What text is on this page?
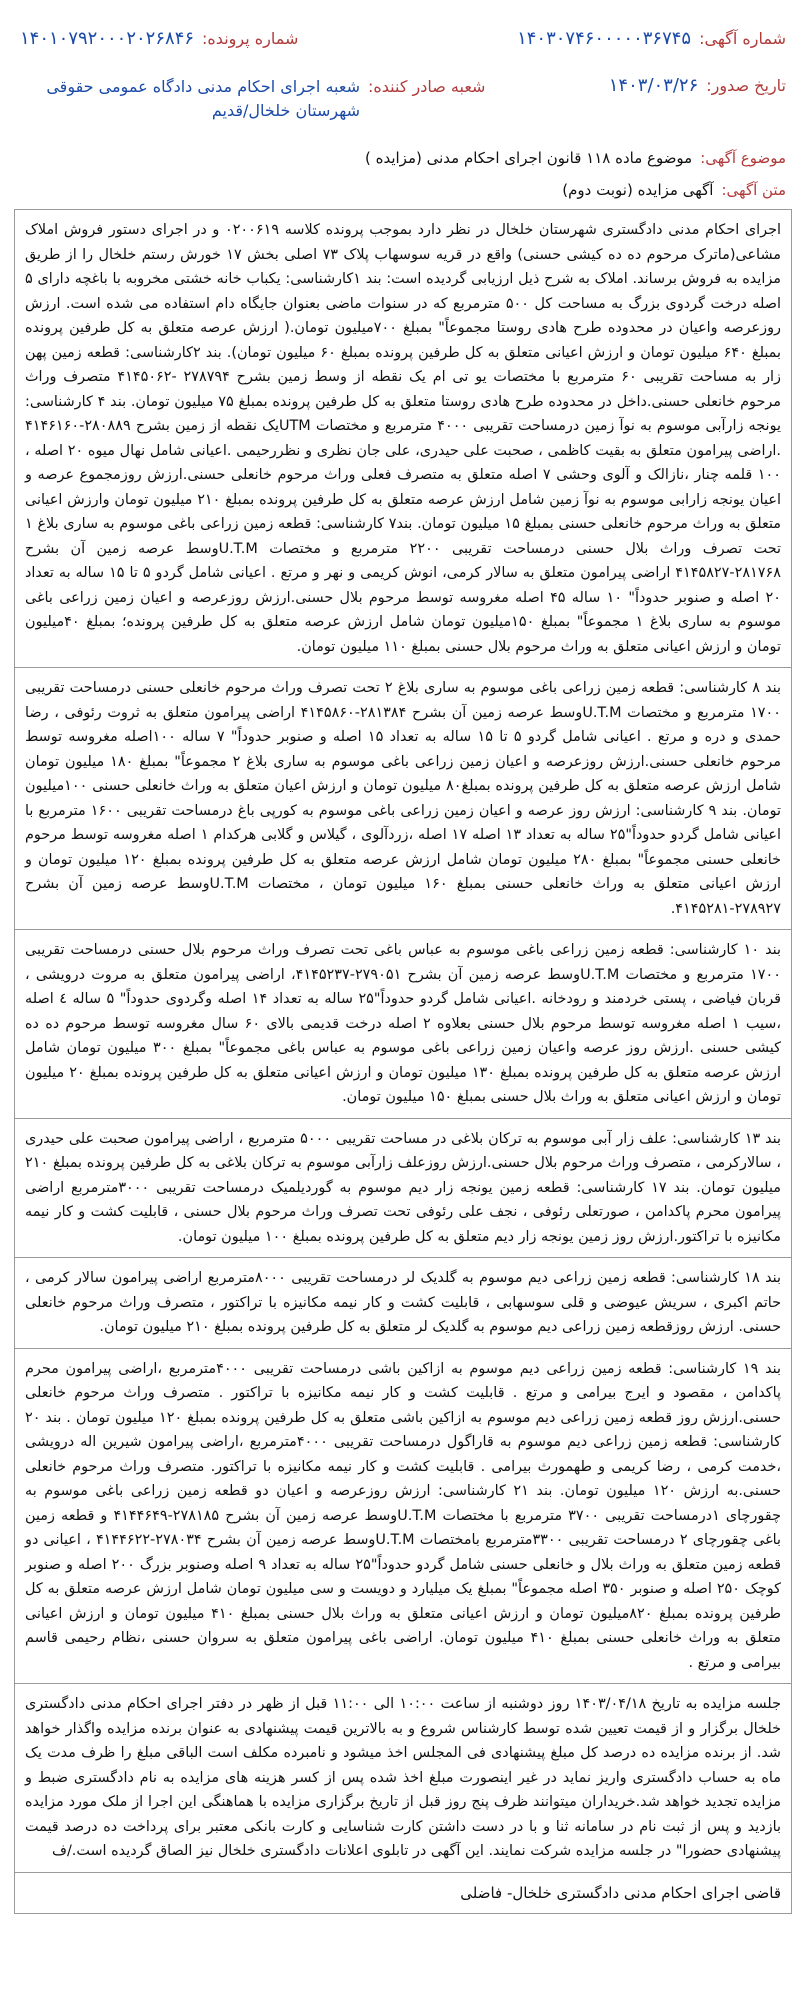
شماره آگهی:
۱۴۰۳۰۷۴۶۰۰۰۰۰۳۶۷۴۵
شماره پرونده:
۱۴۰۱۰۷۹۲۰۰۰۲۰۲۶۸۴۶
تاریخ صدور:
۱۴۰۳/۰۳/۲۶
شعبه صادر کننده:
شعبه اجرای احکام مدنی دادگاه عمومی حقوقی شهرستان خلخال/قدیم
موضوع آگهی:
موضوع ماده ۱۱۸ قانون اجرای احکام مدنی (مزایده )
متن آگهی:
آگهی مزایده (نوبت دوم)

اجرای احکام مدنی دادگستری شهرستان خلخال در نظر دارد بموجب پرونده کلاسه ۰۲۰۰۶۱۹ و در اجرای دستور فروش املاک مشاعی(ماترک مرحوم ده ده کیشی حسنی) واقع در قریه سوسهاب پلاک ۷۳ اصلی بخش ۱۷ خورش رستم خلخال را از طریق مزایده به فروش برساند. املاک به شرح ذیل ارزیابی گردیده است: بند ۱کارشناسی: یکباب خانه خشتی مخروبه با باغچه دارای ۵ اصله درخت گردوی بزرگ به مساحت کل ۵۰۰ مترمربع که در سنوات ماضی بعنوان جایگاه دام استفاده می شده است. ارزش روزعرصه واعیان در محدوده طرح هادی روستا مجموعاً" بمبلغ ۷۰۰میلیون تومان.( ارزش عرصه متعلق به کل طرفین پرونده بمبلغ ۶۴۰ میلیون تومان و ارزش اعیانی متعلق به کل طرفین پرونده بمبلغ ۶۰ میلیون تومان). بند ۲کارشناسی: قطعه زمین پهن زار به مساحت تقریبی ۶۰ مترمربع با مختصات یو تی ام یک نقطه از وسط زمین بشرح ۲۷۸۷۹۴ -۴۱۴۵۰۶۲ متصرف وراث مرحوم خانعلی حسنی.داخل در محدوده طرح هادی روستا متعلق به کل طرفین پرونده بمبلغ ۷۵ میلیون تومان. بند ۴ کارشناسی: یونجه زارآبی موسوم به نوآ زمین درمساحت تقریبی ۴۰۰۰ مترمربع و مختصات UTMیک نقطه از زمین بشرح ۲۸۰۸۸۹-۴۱۴۶۱۶۰ .اراضی پیرامون متعلق به بقیت کاظمی ، صحبت علی حیدری، علی جان نظری و نظررحیمی .اعیانی شامل نهال میوه ۲۰ اصله ، ۱۰۰ قلمه چنار ،نازالک و آلوی وحشی ۷ اصله متعلق به متصرف فعلی وراث مرحوم خانعلی حسنی.ارزش روزمجموع عرصه و اعیان یونجه زارابی موسوم به نوآ زمین شامل ارزش عرصه متعلق به کل طرفین پرونده بمبلغ ۲۱۰ میلیون تومان وارزش اعیانی متعلق به وراث مرحوم خانعلی حسنی بمبلغ ۱۵ میلیون تومان. بند۷ کارشناسی: قطعه زمین زراعی باغی موسوم به ساری بلاغ ۱ تحت تصرف وراث بلال حسنی درمساحت تقریبی ۲۲۰۰ مترمربع و مختصات U.T.Mوسط عرصه زمین آن بشرح ۲۸۱۷۶۸-۴۱۴۵۸۲۷ اراضی پیرامون متعلق به سالار کرمی، انوش کریمی و نهر و مرتع . اعیانی شامل گردو ۵ تا ۱۵ ساله به تعداد ۲۰ اصله و صنوبر حدوداً" ۱۰ ساله ۴۵ اصله مغروسه توسط مرحوم بلال حسنی.ارزش روزعرصه و اعیان زمین زراعی باغی موسوم به ساری بلاغ ۱ مجموعاً" بمبلغ ۱۵۰میلیون تومان شامل ارزش عرصه متعلق به کل طرفین پرونده؛ بمبلغ ۴۰میلیون تومان و ارزش اعیانی متعلق به وراث مرحوم بلال حسنی بمبلغ ۱۱۰ میلیون تومان.

بند ۸ کارشناسی: قطعه زمین زراعی باغی موسوم به ساری بلاغ ۲ تحت تصرف وراث مرحوم خانعلی حسنی درمساحت تقریبی ۱۷۰۰ مترمربع و مختصات U.T.Mوسط عرصه زمین آن بشرح ۲۸۱۳۸۴-۴۱۴۵۸۶۰ اراضی پیرامون متعلق به ثروت رئوفی ، رضا حمدی و دره و مرتع . اعیانی شامل گردو ۵ تا ۱۵ ساله به تعداد ۱۵ اصله و صنوبر حدوداً" ۷ ساله ۱۰۰اصله مغروسه توسط مرحوم خانعلی حسنی.ارزش روزعرصه و اعیان زمین زراعی باغی موسوم به ساری بلاغ ۲ مجموعاً" بمبلغ ۱۸۰ میلیون تومان شامل ارزش عرصه متعلق به کل طرفین پرونده بمبلغ۸۰ میلیون تومان و ارزش اعیان متعلق به وراث خانعلی حسنی ۱۰۰میلیون تومان. بند ۹ کارشناسی: ارزش روز عرصه و اعیان زمین زراعی باغی موسوم به کورپی باغ درمساحت تقریبی ۱۶۰۰ مترمربع با اعیانی شامل گردو حدوداً"۲۵ ساله به تعداد ۱۳ اصله ۱۷ اصله ،زردآلوی ، گیلاس و گلابی هرکدام ۱ اصله مغروسه توسط مرحوم خانعلی حسنی مجموعاً" بمبلغ ۲۸۰ میلیون تومان شامل ارزش عرصه متعلق به کل طرفین پرونده بمبلغ ۱۲۰ میلیون تومان و ارزش اعیانی متعلق به وراث خانعلی حسنی بمبلغ ۱۶۰ میلیون تومان ، مختصات U.T.Mوسط عرصه زمین آن بشرح ۲۷۸۹۲۷-۴۱۴۵۲۸۱.

بند ۱۰ کارشناسی: قطعه زمین زراعی باغی موسوم به عباس باغی تحت تصرف وراث مرحوم بلال حسنی درمساحت تقریبی ۱۷۰۰ مترمربع و مختصات U.T.Mوسط عرصه زمین آن بشرح ۲۷۹۰۵۱-۴۱۴۵۲۳۷، اراضی پیرامون متعلق به مروت درویشی ، قربان فیاضی ، پستی خردمند و رودخانه .اعیانی شامل گردو حدوداً"۲۵ ساله به تعداد ۱۴ اصله وگردوی حدوداً" ۵ ساله ٤ اصله ،سیب ۱ اصله مغروسه توسط مرحوم بلال حسنی بعلاوه ۲ اصله درخت قدیمی بالای ۶۰ سال مغروسه توسط مرحوم ده ده کیشی حسنی .ارزش روز عرصه واعیان زمین زراعی باغی موسوم به عباس باغی مجموعاً" بمبلغ ۳۰۰ میلیون تومان شامل ارزش عرصه متعلق به کل طرفین پرونده بمبلغ ۱۳۰ میلیون تومان و ارزش اعیانی متعلق به کل طرفین پرونده بمبلغ ۲۰ میلیون تومان و ارزش اعیانی متعلق به وراث بلال حسنی بمبلغ ۱۵۰ میلیون تومان.

بند ۱۳ کارشناسی: علف زار آبی موسوم به ترکان بلاغی در مساحت تقریبی ۵۰۰۰ مترمربع ، اراضی پیرامون صحبت علی حیدری ، سالارکرمی ، متصرف وراث مرحوم بلال حسنی.ارزش روزعلف زارآبی موسوم به ترکان بلاغی به کل طرفین پرونده بمبلغ ۲۱۰ میلیون تومان. بند ۱۷ کارشناسی: قطعه زمین یونجه زار دیم موسوم به گوردیلمیک درمساحت تقریبی ۳۰۰۰مترمربع اراضی پیرامون محرم پاکدامن ، صورتعلی رئوفی ، نجف علی رئوفی تحت تصرف وراث مرحوم بلال حسنی ، قابلیت کشت و کار نیمه مکانیزه با تراکتور.ارزش روز زمین یونجه زار دیم متعلق به کل طرفین پرونده بمبلغ ۱۰۰ میلیون تومان.

بند ۱۸ کارشناسی: قطعه زمین زراعی دیم موسوم به گلدیک لر درمساحت تقریبی ۸۰۰۰مترمربع اراضی پیرامون سالار کرمی ، حاتم اکبری ، سریش عیوضی و قلی سوسهابی ، قابلیت کشت و کار نیمه مکانیزه با تراکتور ، متصرف وراث مرحوم خانعلی حسنی. ارزش روزقطعه زمین زراعی دیم موسوم به گلدیک لر متعلق به کل طرفین پرونده بمبلغ ۲۱۰ میلیون تومان.

بند ۱۹ کارشناسی: قطعه زمین زراعی دیم موسوم به ازاکین باشی درمساحت تقریبی ۴۰۰۰مترمربع ،اراضی پیرامون محرم پاکدامن ، مقصود و ایرج بیرامی و مرتع . قابلیت کشت و کار نیمه مکانیزه با تراکتور . متصرف وراث مرحوم خانعلی حسنی.ارزش روز قطعه زمین زراعی دیم موسوم به ازاکین باشی متعلق به کل طرفین پرونده بمبلغ ۱۲۰ میلیون تومان . بند ۲۰ کارشناسی: قطعه زمین زراعی دیم موسوم به قاراگول درمساحت تقریبی ۴۰۰۰مترمربع ،اراضی پیرامون شیرین اله درویشی ،خدمت کرمی ، رضا کریمی و طهمورث بیرامی . قابلیت کشت و کار نیمه مکانیزه با تراکتور. متصرف وراث مرحوم خانعلی حسنی.به ارزش ۱۲۰ میلیون تومان. بند ۲۱ کارشناسی: ارزش روزعرصه و اعیان دو قطعه زمین زراعی باغی موسوم به چقورچای ۱درمساحت تقریبی ۳۷۰۰ مترمربع با مختصات U.T.Mوسط عرصه زمین آن بشرح ۲۷۸۱۸۵-۴۱۴۴۶۴۹ و قطعه زمین باغی چقورچای ۲ درمساحت تقریبی ۳۳۰۰مترمربع بامختصات U.T.Mوسط عرصه زمین آن بشرح ۲۷۸۰۳۴-۴۱۴۴۶۲۲ ، اعیانی دو قطعه زمین متعلق به وراث بلال و خانعلی حسنی شامل گردو حدوداً"۲۵ ساله به تعداد ۹ اصله وصنوبر بزرگ ۲۰۰ اصله و صنوبر کوچک ۲۵۰ اصله و صنوبر ۳۵۰ اصله مجموعاً" بمبلغ یک میلیارد و دویست و سی میلیون تومان شامل ارزش عرصه متعلق به کل طرفین پرونده بمبلغ ۸۲۰میلیون تومان و ارزش اعیانی متعلق به وراث بلال حسنی بمبلغ ۴۱۰ میلیون تومان و ارزش اعیانی متعلق به وراث خانعلی حسنی بمبلغ ۴۱۰ میلیون تومان. اراضی باغی پیرامون متعلق به سروان حسنی ،نظام رحیمی قاسم بیرامی و مرتع .

جلسه مزایده به تاریخ ۱۴۰۳/۰۴/۱۸ روز دوشنبه از ساعت ۱۰:۰۰ الی ۱۱:۰۰ قبل از ظهر در دفتر اجرای احکام مدنی دادگستری خلخال برگزار و از قیمت تعیین شده توسط کارشناس شروع و به بالاترین قیمت پیشنهادی به عنوان برنده مزایده واگذار خواهد شد. از برنده مزایده ده درصد کل مبلغ پیشنهادی فی المجلس اخذ میشود و نامبرده مکلف است الباقی مبلغ را ظرف مدت یک ماه به حساب دادگستری واریز نماید در غیر اینصورت مبلغ اخذ شده پس از کسر هزینه های مزایده به نام دادگستری ضبط و مزایده تجدید خواهد شد.خریداران میتوانند ظرف پنج روز قبل از تاریخ برگزاری مزایده با هماهنگی این اجرا از ملک مورد مزایده بازدید و پس از ثبت نام در سامانه ثنا و با در دست داشتن کارت شناسایی و کارت بانکی معتبر برای پرداخت ده درصد قیمت پیشنهادی حضورا" در جلسه مزایده شرکت نمایند. این آگهی در تابلوی اعلانات دادگستری خلخال نیز الصاق گردیده است./ف

قاضی اجرای احکام مدنی دادگستری خلخال- فاضلی
